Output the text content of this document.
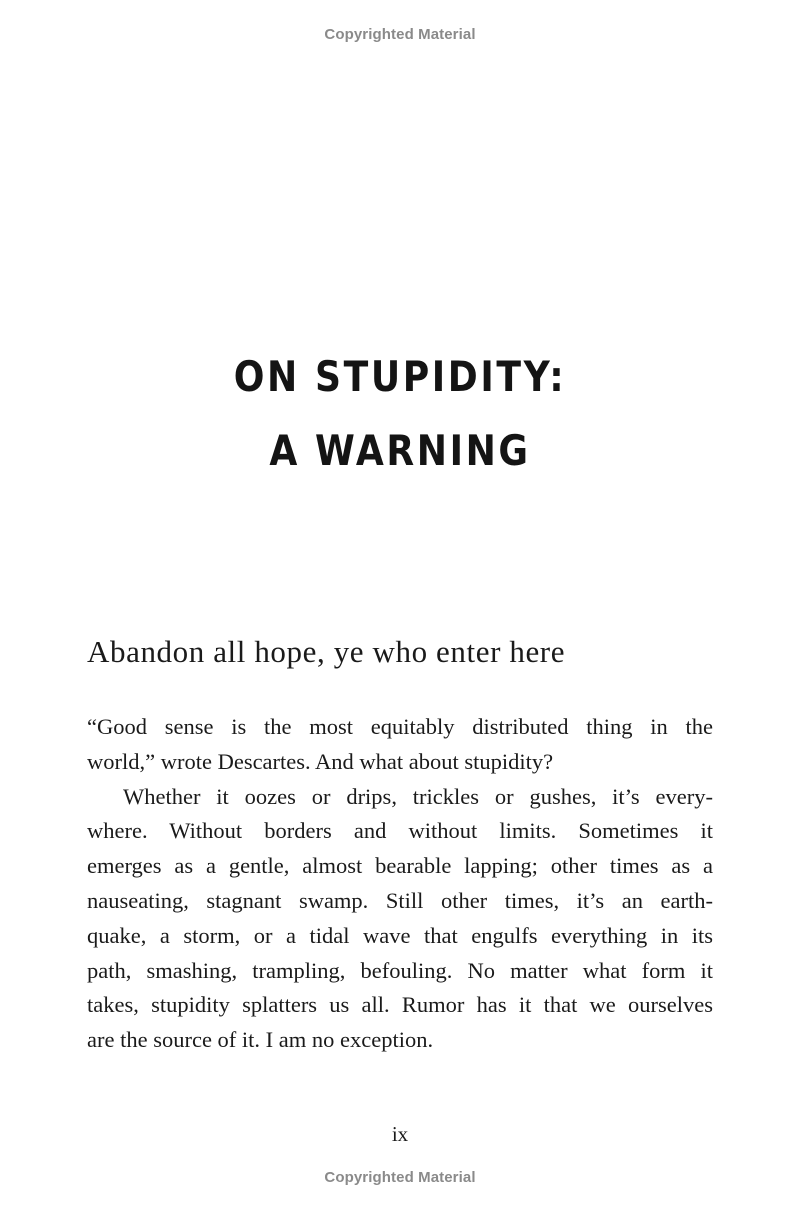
Copyrighted Material
ON STUPIDITY:
A WARNING
Abandon all hope, ye who enter here
“Good sense is the most equitably distributed thing in the
world,” wrote Descartes. And what about stupidity?
Whether it oozes or drips, trickles or gushes, it’s every-
where. Without borders and without limits. Sometimes it
emerges as a gentle, almost bearable lapping; other times as a
nauseating, stagnant swamp. Still other times, it’s an earth-
quake, a storm, or a tidal wave that engulfs everything in its
path, smashing, trampling, befouling. No matter what form it
takes, stupidity splatters us all. Rumor has it that we ourselves
are the source of it. I am no exception.
ix
Copyrighted Material
